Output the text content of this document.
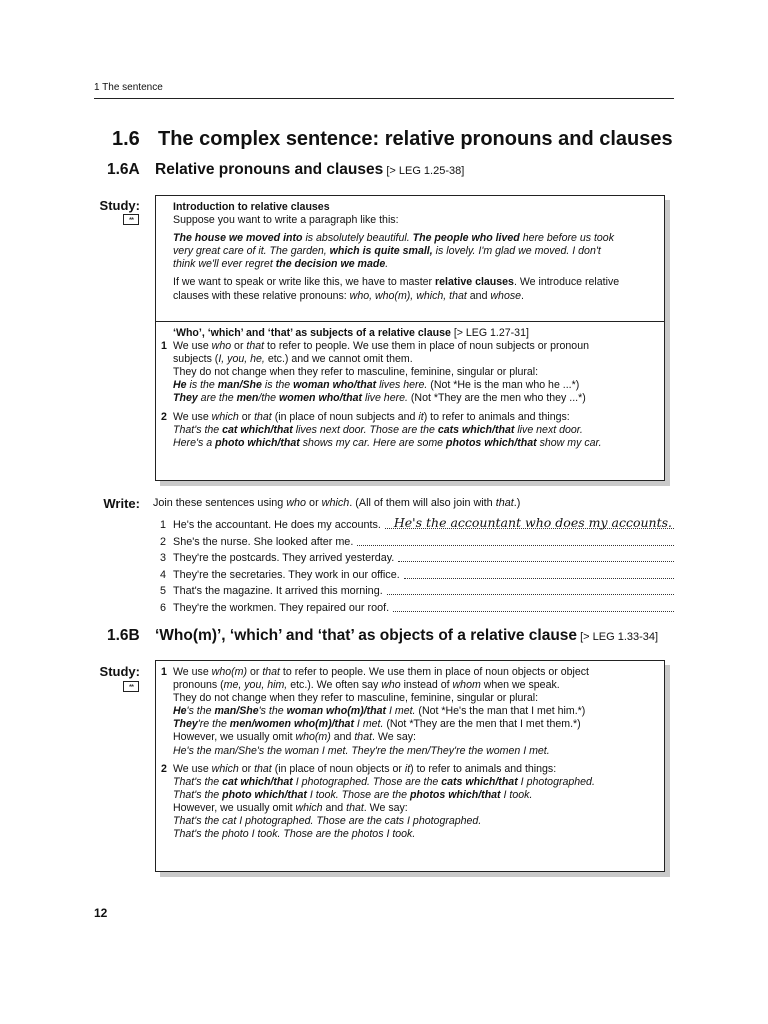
1 The sentence
1.6 The complex sentence: relative pronouns and clauses
1.6A Relative pronouns and clauses [> LEG 1.25-38]
Study:
**
Introduction to relative clauses
Suppose you want to write a paragraph like this:
The house we moved into is absolutely beautiful. The people who lived here before us took
very great care of it. The garden, which is quite small, is lovely. I'm glad we moved. I don't
think we'll ever regret the decision we made.
If we want to speak or write like this, we have to master relative clauses. We introduce relative
clauses with these relative pronouns: who, who(m), which, that and whose.
‘Who’, ‘which’ and ‘that’ as subjects of a relative clause [> LEG 1.27-31]
1 We use who or that to refer to people. We use them in place of noun subjects or pronoun
subjects (I, you, he, etc.) and we cannot omit them.
They do not change when they refer to masculine, feminine, singular or plural:
He is the man/She is the woman who/that lives here. (Not *He is the man who he ...*)
They are the men/the women who/that live here. (Not *They are the men who they ...*)
2 We use which or that (in place of noun subjects and it) to refer to animals and things:
That's the cat which/that lives next door. Those are the cats which/that live next door.
Here's a photo which/that shows my car. Here are some photos which/that show my car.
Write: Join these sentences using who or which. (All of them will also join with that.)
1 He's the accountant. He does my accounts. He's the accountant who does my accounts.
2 She's the nurse. She looked after me.
3 They're the postcards. They arrived yesterday.
4 They're the secretaries. They work in our office.
5 That's the magazine. It arrived this morning.
6 They're the workmen. They repaired our roof.
1.6B ‘Who(m)’, ‘which’ and ‘that’ as objects of a relative clause [> LEG 1.33-34]
Study:
**
1 We use who(m) or that to refer to people. We use them in place of noun objects or object
pronouns (me, you, him, etc.). We often say who instead of whom when we speak.
They do not change when they refer to masculine, feminine, singular or plural:
He's the man/She's the woman who(m)/that I met. (Not *He's the man that I met him.*)
They're the men/women who(m)/that I met. (Not *They are the men that I met them.*)
However, we usually omit who(m) and that. We say:
He's the man/She's the woman I met. They're the men/They're the women I met.
2 We use which or that (in place of noun objects or it) to refer to animals and things:
That's the cat which/that I photographed. Those are the cats which/that I photographed.
That's the photo which/that I took. Those are the photos which/that I took.
However, we usually omit which and that. We say:
That's the cat I photographed. Those are the cats I photographed.
That's the photo I took. Those are the photos I took.
12
